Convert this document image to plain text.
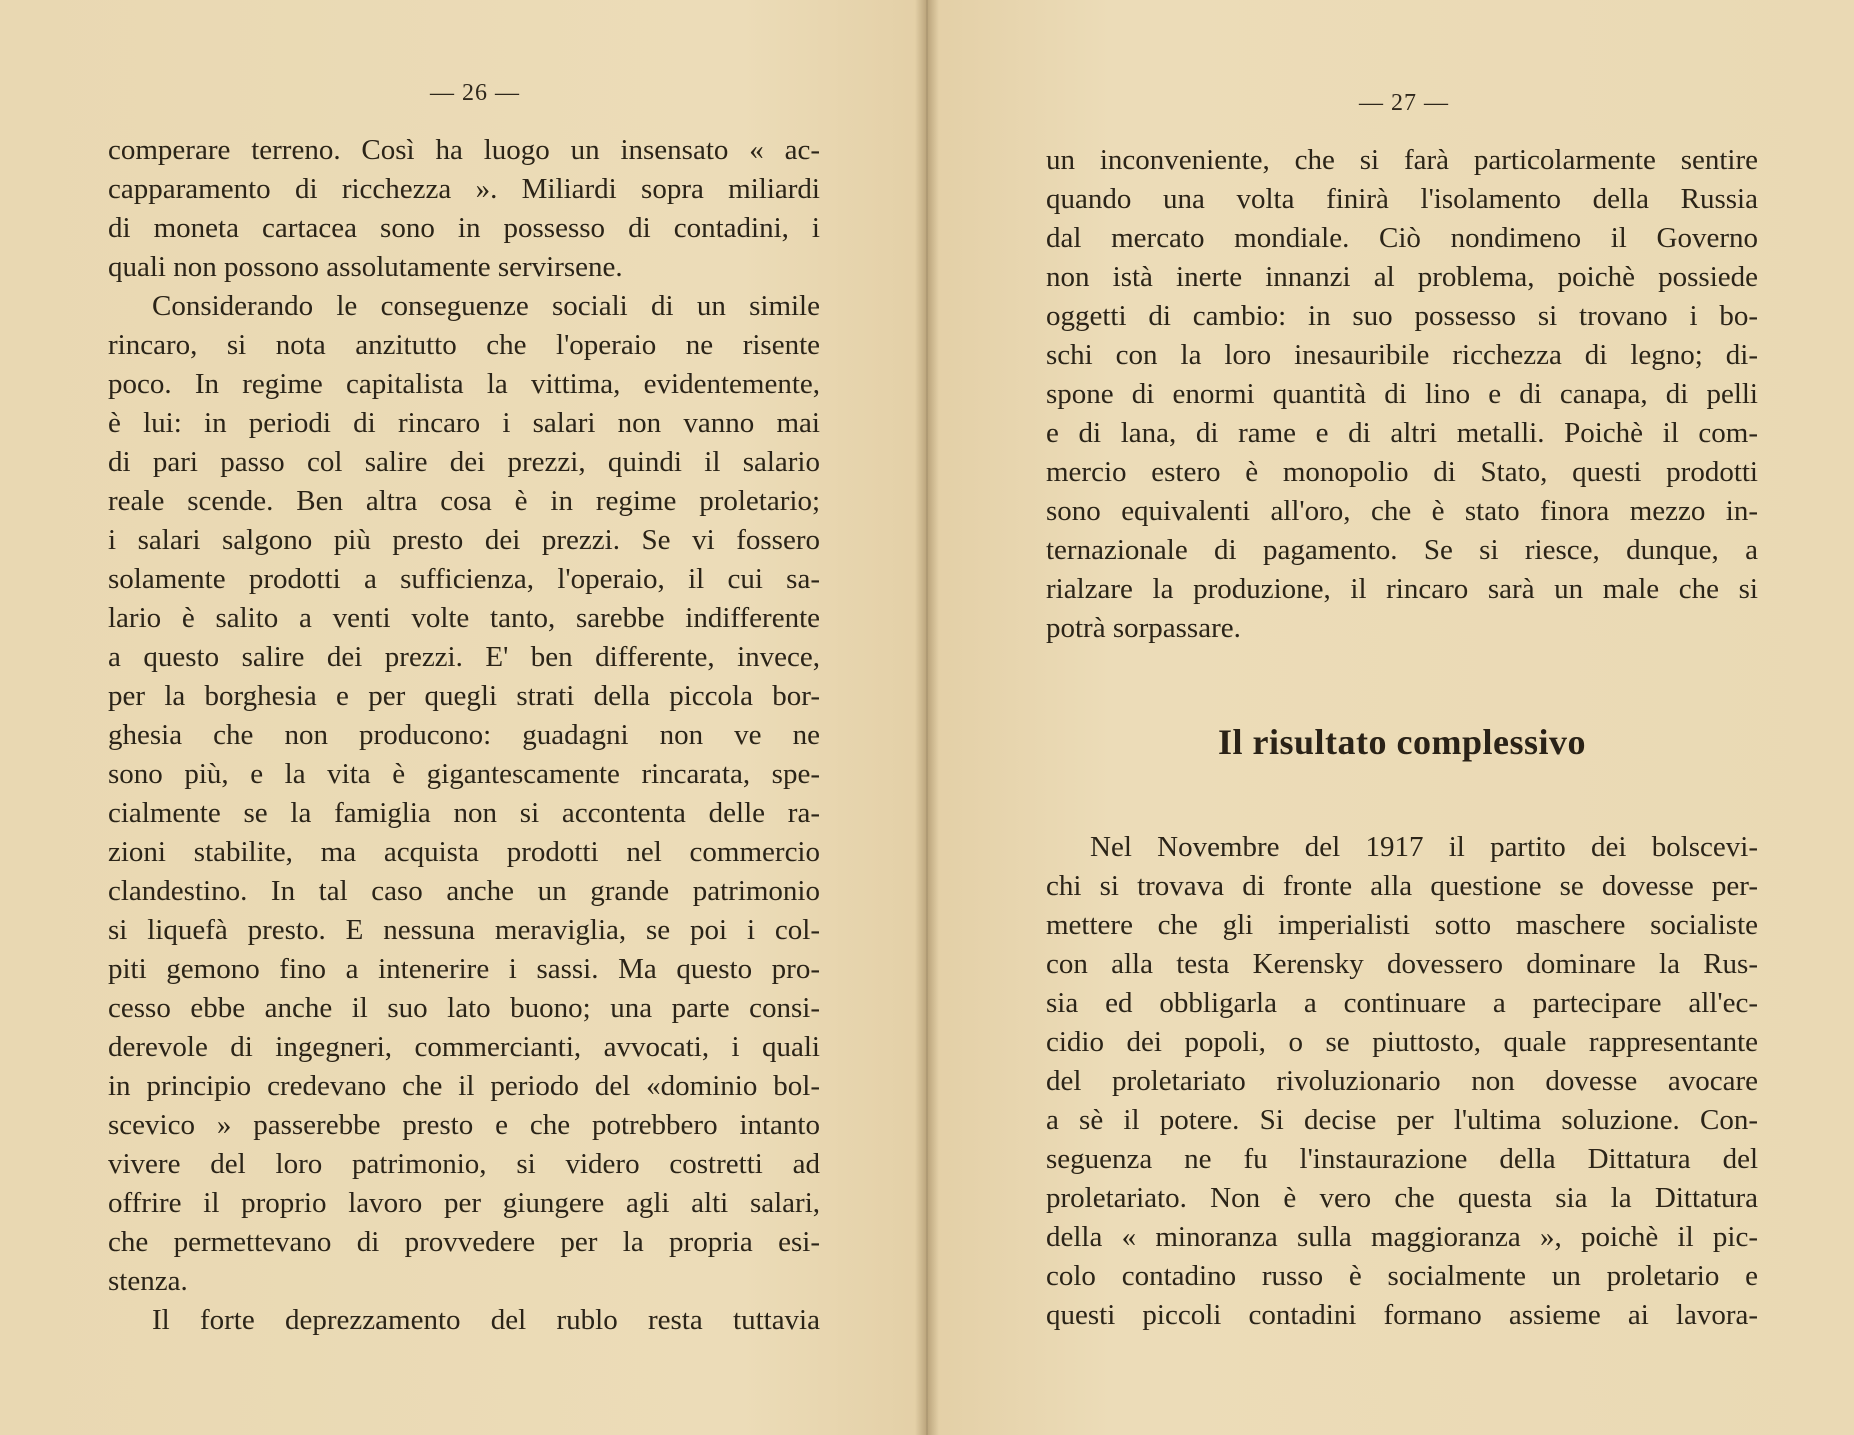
— 26 —
comperare terreno. Così ha luogo un insensato « ac-
capparamento di ricchezza ». Miliardi sopra miliardi
di moneta cartacea sono in possesso di contadini, i
quali non possono assolutamente servirsene.
Considerando le conseguenze sociali di un simile
rincaro, si nota anzitutto che l'operaio ne risente
poco. In regime capitalista la vittima, evidentemente,
è lui: in periodi di rincaro i salari non vanno mai
di pari passo col salire dei prezzi, quindi il salario
reale scende. Ben altra cosa è in regime proletario;
i salari salgono più presto dei prezzi. Se vi fossero
solamente prodotti a sufficienza, l'operaio, il cui sa-
lario è salito a venti volte tanto, sarebbe indifferente
a questo salire dei prezzi. E' ben differente, invece,
per la borghesia e per quegli strati della piccola bor-
ghesia che non producono: guadagni non ve ne
sono più, e la vita è gigantescamente rincarata, spe-
cialmente se la famiglia non si accontenta delle ra-
zioni stabilite, ma acquista prodotti nel commercio
clandestino. In tal caso anche un grande patrimonio
si liquefà presto. E nessuna meraviglia, se poi i col-
piti gemono fino a intenerire i sassi. Ma questo pro-
cesso ebbe anche il suo lato buono; una parte consi-
derevole di ingegneri, commercianti, avvocati, i quali
in principio credevano che il periodo del «dominio bol-
scevico » passerebbe presto e che potrebbero intanto
vivere del loro patrimonio, si videro costretti ad
offrire il proprio lavoro per giungere agli alti salari,
che permettevano di provvedere per la propria esi-
stenza.
Il forte deprezzamento del rublo resta tuttavia
— 27 —
un inconveniente, che si farà particolarmente sentire
quando una volta finirà l'isolamento della Russia
dal mercato mondiale. Ciò nondimeno il Governo
non istà inerte innanzi al problema, poichè possiede
oggetti di cambio: in suo possesso si trovano i bo-
schi con la loro inesauribile ricchezza di legno; di-
spone di enormi quantità di lino e di canapa, di pelli
e di lana, di rame e di altri metalli. Poichè il com-
mercio estero è monopolio di Stato, questi prodotti
sono equivalenti all'oro, che è stato finora mezzo in-
ternazionale di pagamento. Se si riesce, dunque, a
rialzare la produzione, il rincaro sarà un male che si
potrà sorpassare.
Il risultato complessivo
Nel Novembre del 1917 il partito dei bolscevi-
chi si trovava di fronte alla questione se dovesse per-
mettere che gli imperialisti sotto maschere socialiste
con alla testa Kerensky dovessero dominare la Rus-
sia ed obbligarla a continuare a partecipare all'ec-
cidio dei popoli, o se piuttosto, quale rappresentante
del proletariato rivoluzionario non dovesse avocare
a sè il potere. Si decise per l'ultima soluzione. Con-
seguenza ne fu l'instaurazione della Dittatura del
proletariato. Non è vero che questa sia la Dittatura
della « minoranza sulla maggioranza », poichè il pic-
colo contadino russo è socialmente un proletario e
questi piccoli contadini formano assieme ai lavora-
